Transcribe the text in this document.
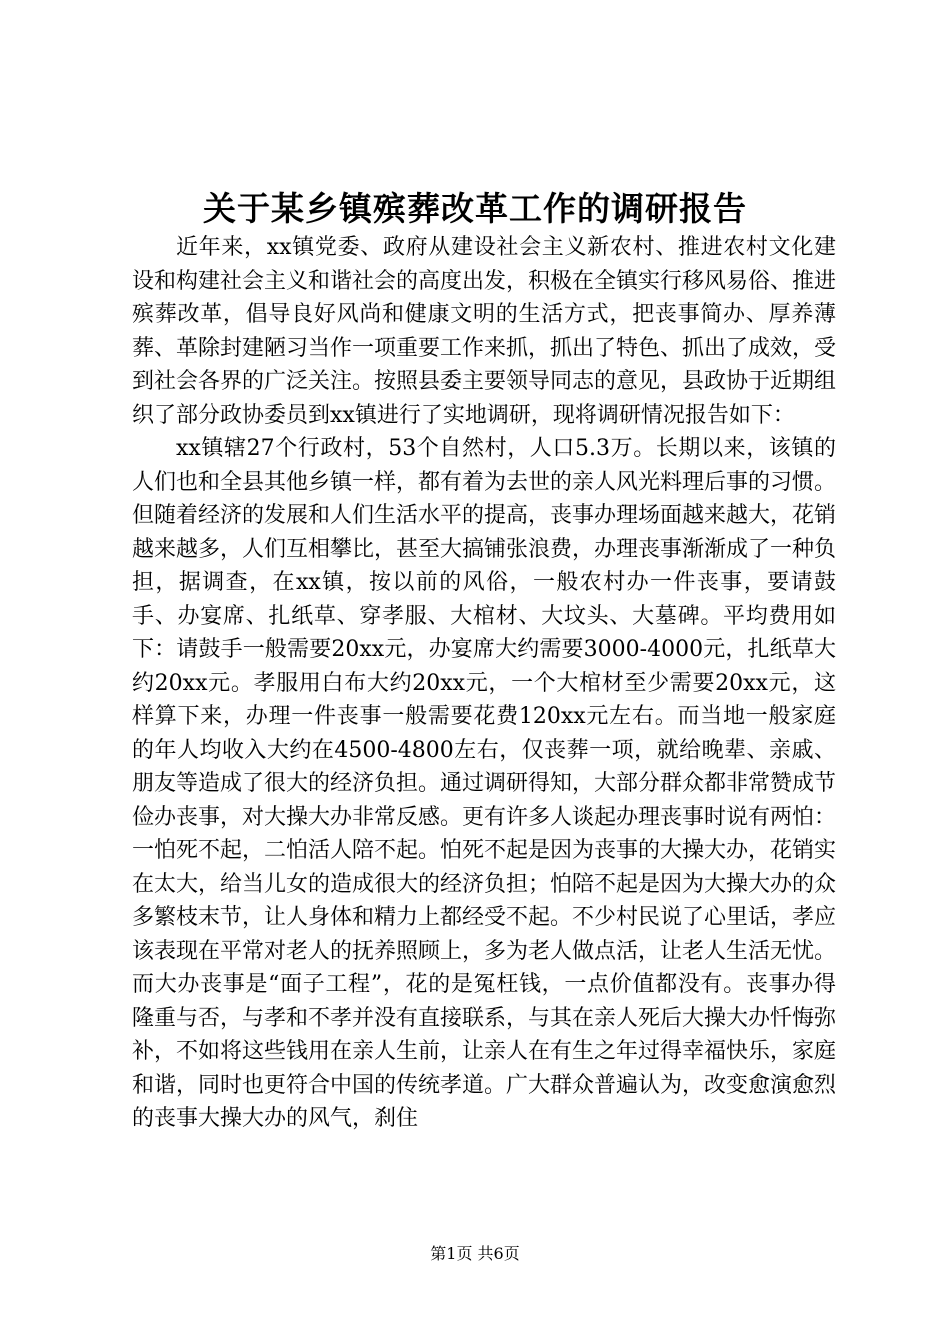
关于某乡镇殡葬改革工作的调研报告

近年来，xx镇党委、政府从建设社会主义新农村、推进农村文化建设和构建社会主义和谐社会的高度出发，积极在全镇实行移风易俗、推进殡葬改革，倡导良好风尚和健康文明的生活方式，把丧事简办、厚养薄葬、革除封建陋习当作一项重要工作来抓，抓出了特色、抓出了成效，受到社会各界的广泛关注。按照县委主要领导同志的意见，县政协于近期组织了部分政协委员到xx镇进行了实地调研，现将调研情况报告如下：

xx镇辖27个行政村，53个自然村，人口5.3万。长期以来，该镇的人们也和全县其他乡镇一样，都有着为去世的亲人风光料理后事的习惯。但随着经济的发展和人们生活水平的提高，丧事办理场面越来越大，花销越来越多，人们互相攀比，甚至大搞铺张浪费，办理丧事渐渐成了一种负担，据调查，在xx镇，按以前的风俗，一般农村办一件丧事，要请鼓手、办宴席、扎纸草、穿孝服、大棺材、大坟头、大墓碑。平均费用如下：请鼓手一般需要20xx元，办宴席大约需要3000-4000元，扎纸草大约20xx元。孝服用白布大约20xx元，一个大棺材至少需要20xx元，这样算下来，办理一件丧事一般需要花费120xx元左右。而当地一般家庭的年人均收入大约在4500-4800左右，仅丧葬一项，就给晚辈、亲戚、朋友等造成了很大的经济负担。通过调研得知，大部分群众都非常赞成节俭办丧事，对大操大办非常反感。更有许多人谈起办理丧事时说有两怕：一怕死不起，二怕活人陪不起。怕死不起是因为丧事的大操大办，花销实在太大，给当儿女的造成很大的经济负担；怕陪不起是因为大操大办的众多繁枝末节，让人身体和精力上都经受不起。不少村民说了心里话，孝应该表现在平常对老人的抚养照顾上，多为老人做点活，让老人生活无忧。而大办丧事是“面子工程”，花的是冤枉钱，一点价值都没有。丧事办得隆重与否，与孝和不孝并没有直接联系，与其在亲人死后大操大办忏悔弥补，不如将这些钱用在亲人生前，让亲人在有生之年过得幸福快乐，家庭和谐，同时也更符合中国的传统孝道。广大群众普遍认为，改变愈演愈烈的丧事大操大办的风气，刹住

第1页 共6页
